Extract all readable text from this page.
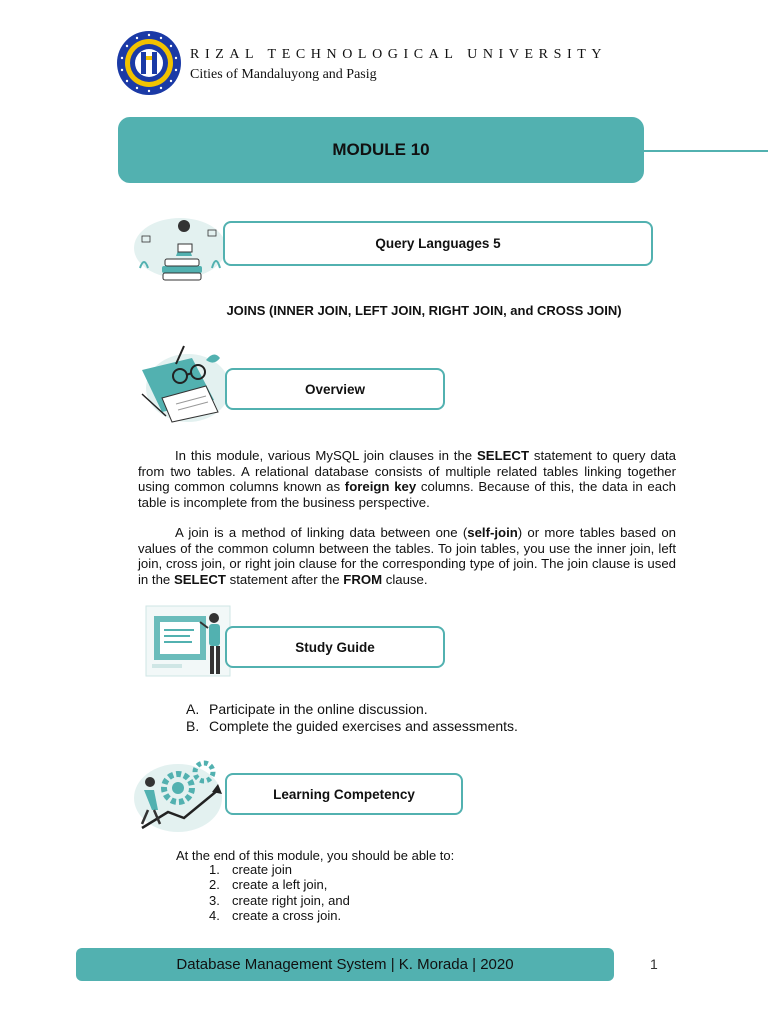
RIZAL TECHNOLOGICAL UNIVERSITY
Cities of Mandaluyong and Pasig
MODULE 10
Query Languages 5
JOINS (INNER JOIN, LEFT JOIN, RIGHT JOIN, and CROSS JOIN)
Overview

In this module, various MySQL join clauses in the SELECT statement to query data from two tables. A relational database consists of multiple related tables linking together using common columns known as foreign key columns. Because of this, the data in each table is incomplete from the business perspective.

A join is a method of linking data between one (self-join) or more tables based on values of the common column between the tables. To join tables, you use the inner join, left join, cross join, or right join clause for the corresponding type of join. The join clause is used in the SELECT statement after the FROM clause.

Study Guide
A. Participate in the online discussion.
B. Complete the guided exercises and assessments.
Learning Competency
At the end of this module, you should be able to:
1. create join
2. create a left join,
3. create right join, and
4. create a cross join.
Database Management System | K. Morada | 2020	1
